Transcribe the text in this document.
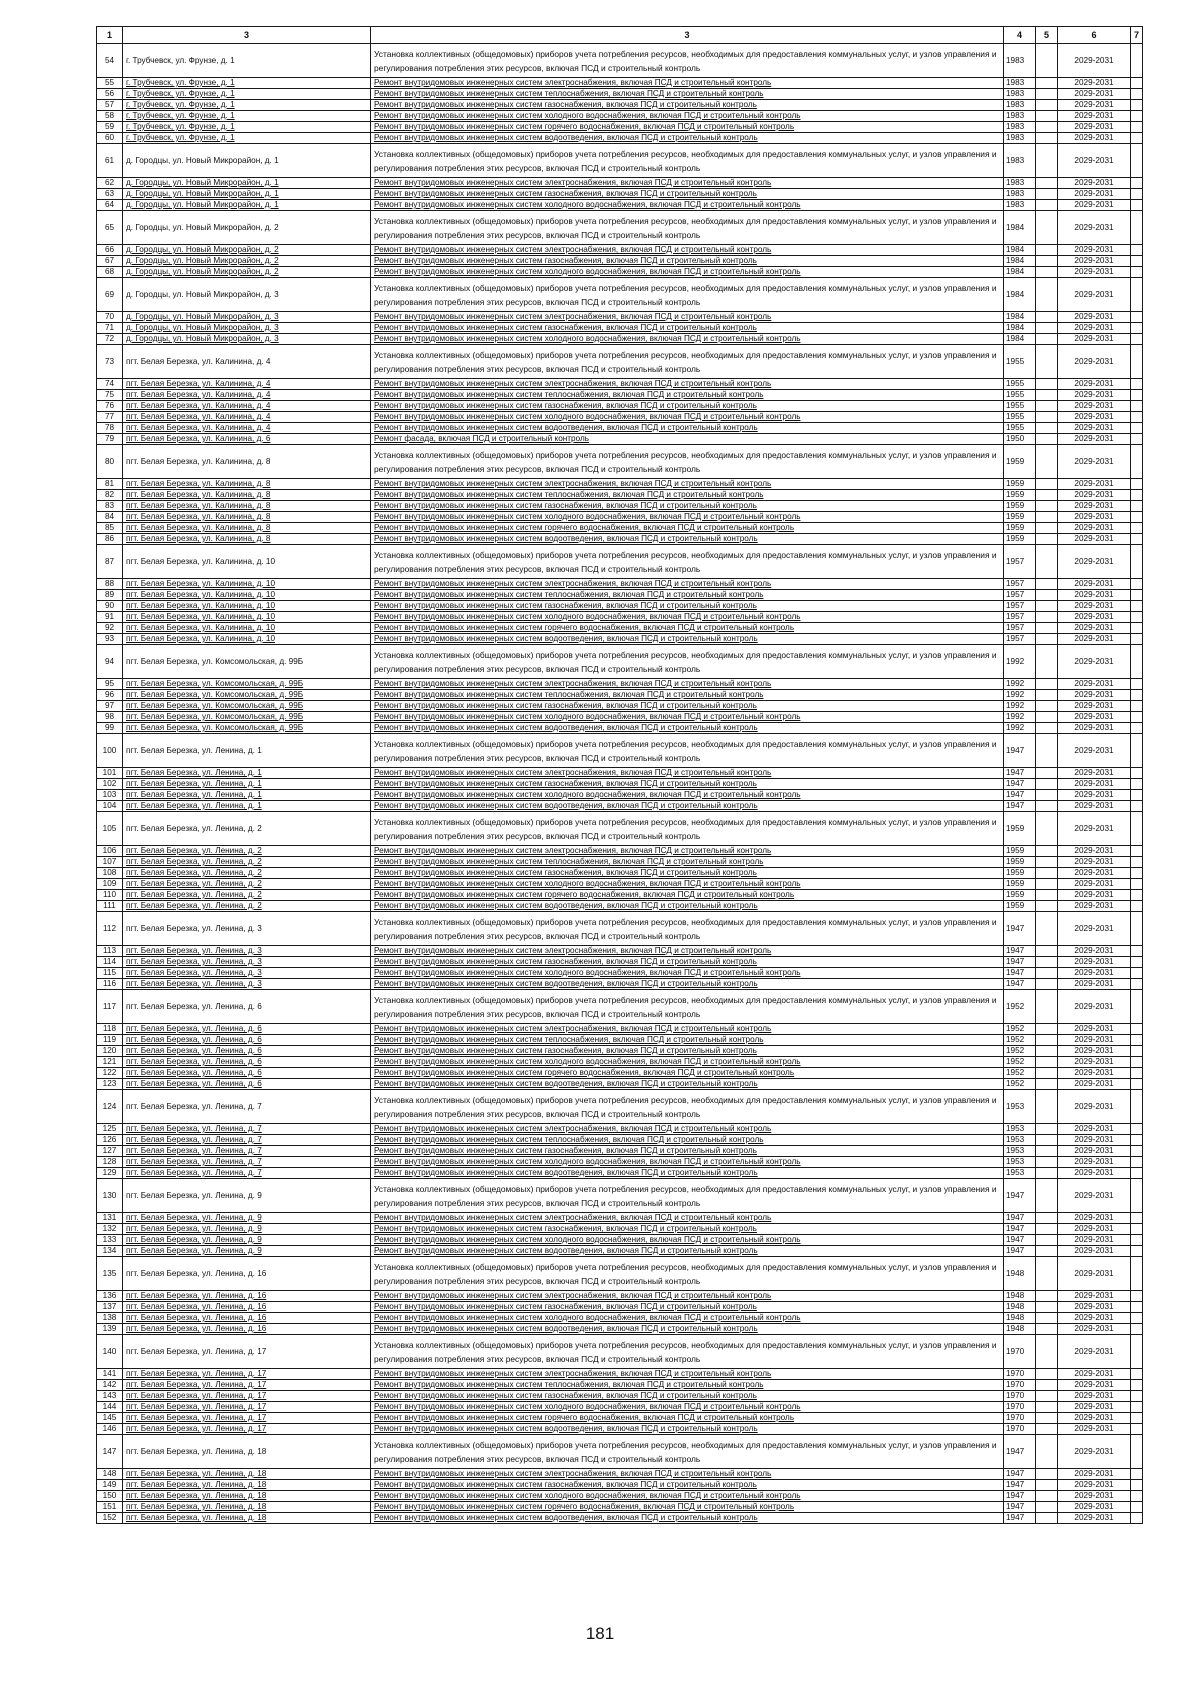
1	3	3	4	5	6	7
54	г. Трубчевск, ул. Фрунзе, д. 1	Установка коллективных (общедомовых) приборов учета потребления ресурсов, необходимых для предоставления коммунальных услуг, и узлов управления и регулирования потребления этих ресурсов, включая ПСД и строительный контроль	1983		2029-2031	
55	г. Трубчевск, ул. Фрунзе, д. 1	Ремонт внутридомовых инженерных систем электроснабжения, включая ПСД и строительный контроль	1983		2029-2031	
56	г. Трубчевск, ул. Фрунзе, д. 1	Ремонт внутридомовых инженерных систем теплоснабжения, включая ПСД и строительный контроль	1983		2029-2031	
57	г. Трубчевск, ул. Фрунзе, д. 1	Ремонт внутридомовых инженерных систем газоснабжения, включая ПСД и строительный контроль	1983		2029-2031	
58	г. Трубчевск, ул. Фрунзе, д. 1	Ремонт внутридомовых инженерных систем холодного водоснабжения, включая ПСД и строительный контроль	1983		2029-2031	
59	г. Трубчевск, ул. Фрунзе, д. 1	Ремонт внутридомовых инженерных систем горячего водоснабжения, включая ПСД и строительный контроль	1983		2029-2031	
60	г. Трубчевск, ул. Фрунзе, д. 1	Ремонт внутридомовых инженерных систем водоотведения, включая ПСД и строительный контроль	1983		2029-2031	
61	д. Городцы, ул. Новый Микрорайон, д. 1	Установка коллективных (общедомовых) приборов учета потребления ресурсов, необходимых для предоставления коммунальных услуг, и узлов управления и регулирования потребления этих ресурсов, включая ПСД и строительный контроль	1983		2029-2031	
62	д. Городцы, ул. Новый Микрорайон, д. 1	Ремонт внутридомовых инженерных систем электроснабжения, включая ПСД и строительный контроль	1983		2029-2031	
63	д. Городцы, ул. Новый Микрорайон, д. 1	Ремонт внутридомовых инженерных систем газоснабжения, включая ПСД и строительный контроль	1983		2029-2031	
64	д. Городцы, ул. Новый Микрорайон, д. 1	Ремонт внутридомовых инженерных систем холодного водоснабжения, включая ПСД и строительный контроль	1983		2029-2031	
65	д. Городцы, ул. Новый Микрорайон, д. 2	Установка коллективных (общедомовых) приборов учета потребления ресурсов, необходимых для предоставления коммунальных услуг, и узлов управления и регулирования потребления этих ресурсов, включая ПСД и строительный контроль	1984		2029-2031	
66	д. Городцы, ул. Новый Микрорайон, д. 2	Ремонт внутридомовых инженерных систем электроснабжения, включая ПСД и строительный контроль	1984		2029-2031	
67	д. Городцы, ул. Новый Микрорайон, д. 2	Ремонт внутридомовых инженерных систем газоснабжения, включая ПСД и строительный контроль	1984		2029-2031	
68	д. Городцы, ул. Новый Микрорайон, д. 2	Ремонт внутридомовых инженерных систем холодного водоснабжения, включая ПСД и строительный контроль	1984		2029-2031	
69	д. Городцы, ул. Новый Микрорайон, д. 3	Установка коллективных (общедомовых) приборов учета потребления ресурсов, необходимых для предоставления коммунальных услуг, и узлов управления и регулирования потребления этих ресурсов, включая ПСД и строительный контроль	1984		2029-2031	
70	д. Городцы, ул. Новый Микрорайон, д. 3	Ремонт внутридомовых инженерных систем электроснабжения, включая ПСД и строительный контроль	1984		2029-2031	
71	д. Городцы, ул. Новый Микрорайон, д. 3	Ремонт внутридомовых инженерных систем газоснабжения, включая ПСД и строительный контроль	1984		2029-2031	
72	д. Городцы, ул. Новый Микрорайон, д. 3	Ремонт внутридомовых инженерных систем холодного водоснабжения, включая ПСД и строительный контроль	1984		2029-2031	
73	пгт. Белая Березка, ул. Калинина, д. 4	Установка коллективных (общедомовых) приборов учета потребления ресурсов, необходимых для предоставления коммунальных услуг, и узлов управления и регулирования потребления этих ресурсов, включая ПСД и строительный контроль	1955		2029-2031	
74	пгт. Белая Березка, ул. Калинина, д. 4	Ремонт внутридомовых инженерных систем электроснабжения, включая ПСД и строительный контроль	1955		2029-2031	
75	пгт. Белая Березка, ул. Калинина, д. 4	Ремонт внутридомовых инженерных систем теплоснабжения, включая ПСД и строительный контроль	1955		2029-2031	
76	пгт. Белая Березка, ул. Калинина, д. 4	Ремонт внутридомовых инженерных систем газоснабжения, включая ПСД и строительный контроль	1955		2029-2031	
77	пгт. Белая Березка, ул. Калинина, д. 4	Ремонт внутридомовых инженерных систем холодного водоснабжения, включая ПСД и строительный контроль	1955		2029-2031	
78	пгт. Белая Березка, ул. Калинина, д. 4	Ремонт внутридомовых инженерных систем водоотведения, включая ПСД и строительный контроль	1955		2029-2031	
79	пгт. Белая Березка, ул. Калинина, д. 6	Ремонт фасада, включая ПСД и строительный контроль	1950		2029-2031	
80	пгт. Белая Березка, ул. Калинина, д. 8	Установка коллективных (общедомовых) приборов учета потребления ресурсов, необходимых для предоставления коммунальных услуг, и узлов управления и регулирования потребления этих ресурсов, включая ПСД и строительный контроль	1959		2029-2031	
81	пгт. Белая Березка, ул. Калинина, д. 8	Ремонт внутридомовых инженерных систем электроснабжения, включая ПСД и строительный контроль	1959		2029-2031	
82	пгт. Белая Березка, ул. Калинина, д. 8	Ремонт внутридомовых инженерных систем теплоснабжения, включая ПСД и строительный контроль	1959		2029-2031	
83	пгт. Белая Березка, ул. Калинина, д. 8	Ремонт внутридомовых инженерных систем газоснабжения, включая ПСД и строительный контроль	1959		2029-2031	
84	пгт. Белая Березка, ул. Калинина, д. 8	Ремонт внутридомовых инженерных систем холодного водоснабжения, включая ПСД и строительный контроль	1959		2029-2031	
85	пгт. Белая Березка, ул. Калинина, д. 8	Ремонт внутридомовых инженерных систем горячего водоснабжения, включая ПСД и строительный контроль	1959		2029-2031	
86	пгт. Белая Березка, ул. Калинина, д. 8	Ремонт внутридомовых инженерных систем водоотведения, включая ПСД и строительный контроль	1959		2029-2031	
87	пгт. Белая Березка, ул. Калинина, д. 10	Установка коллективных (общедомовых) приборов учета потребления ресурсов, необходимых для предоставления коммунальных услуг, и узлов управления и регулирования потребления этих ресурсов, включая ПСД и строительный контроль	1957		2029-2031	
88	пгт. Белая Березка, ул. Калинина, д. 10	Ремонт внутридомовых инженерных систем электроснабжения, включая ПСД и строительный контроль	1957		2029-2031	
89	пгт. Белая Березка, ул. Калинина, д. 10	Ремонт внутридомовых инженерных систем теплоснабжения, включая ПСД и строительный контроль	1957		2029-2031	
90	пгт. Белая Березка, ул. Калинина, д. 10	Ремонт внутридомовых инженерных систем газоснабжения, включая ПСД и строительный контроль	1957		2029-2031	
91	пгт. Белая Березка, ул. Калинина, д. 10	Ремонт внутридомовых инженерных систем холодного водоснабжения, включая ПСД и строительный контроль	1957		2029-2031	
92	пгт. Белая Березка, ул. Калинина, д. 10	Ремонт внутридомовых инженерных систем горячего водоснабжения, включая ПСД и строительный контроль	1957		2029-2031	
93	пгт. Белая Березка, ул. Калинина, д. 10	Ремонт внутридомовых инженерных систем водоотведения, включая ПСД и строительный контроль	1957		2029-2031	
94	пгт. Белая Березка, ул. Комсомольская, д. 99Б	Установка коллективных (общедомовых) приборов учета потребления ресурсов, необходимых для предоставления коммунальных услуг, и узлов управления и регулирования потребления этих ресурсов, включая ПСД и строительный контроль	1992		2029-2031	
95	пгт. Белая Березка, ул. Комсомольская, д. 99Б	Ремонт внутридомовых инженерных систем электроснабжения, включая ПСД и строительный контроль	1992		2029-2031	
96	пгт. Белая Березка, ул. Комсомольская, д. 99Б	Ремонт внутридомовых инженерных систем теплоснабжения, включая ПСД и строительный контроль	1992		2029-2031	
97	пгт. Белая Березка, ул. Комсомольская, д. 99Б	Ремонт внутридомовых инженерных систем газоснабжения, включая ПСД и строительный контроль	1992		2029-2031	
98	пгт. Белая Березка, ул. Комсомольская, д. 99Б	Ремонт внутридомовых инженерных систем холодного водоснабжения, включая ПСД и строительный контроль	1992		2029-2031	
99	пгт. Белая Березка, ул. Комсомольская, д. 99Б	Ремонт внутридомовых инженерных систем водоотведения, включая ПСД и строительный контроль	1992		2029-2031	
100	пгт. Белая Березка, ул. Ленина, д. 1	Установка коллективных (общедомовых) приборов учета потребления ресурсов, необходимых для предоставления коммунальных услуг, и узлов управления и регулирования потребления этих ресурсов, включая ПСД и строительный контроль	1947		2029-2031	
101	пгт. Белая Березка, ул. Ленина, д. 1	Ремонт внутридомовых инженерных систем электроснабжения, включая ПСД и строительный контроль	1947		2029-2031	
102	пгт. Белая Березка, ул. Ленина, д. 1	Ремонт внутридомовых инженерных систем газоснабжения, включая ПСД и строительный контроль	1947		2029-2031	
103	пгт. Белая Березка, ул. Ленина, д. 1	Ремонт внутридомовых инженерных систем холодного водоснабжения, включая ПСД и строительный контроль	1947		2029-2031	
104	пгт. Белая Березка, ул. Ленина, д. 1	Ремонт внутридомовых инженерных систем водоотведения, включая ПСД и строительный контроль	1947		2029-2031	
105	пгт. Белая Березка, ул. Ленина, д. 2	Установка коллективных (общедомовых) приборов учета потребления ресурсов, необходимых для предоставления коммунальных услуг, и узлов управления и регулирования потребления этих ресурсов, включая ПСД и строительный контроль	1959		2029-2031	
106	пгт. Белая Березка, ул. Ленина, д. 2	Ремонт внутридомовых инженерных систем электроснабжения, включая ПСД и строительный контроль	1959		2029-2031	
107	пгт. Белая Березка, ул. Ленина, д. 2	Ремонт внутридомовых инженерных систем теплоснабжения, включая ПСД и строительный контроль	1959		2029-2031	
108	пгт. Белая Березка, ул. Ленина, д. 2	Ремонт внутридомовых инженерных систем газоснабжения, включая ПСД и строительный контроль	1959		2029-2031	
109	пгт. Белая Березка, ул. Ленина, д. 2	Ремонт внутридомовых инженерных систем холодного водоснабжения, включая ПСД и строительный контроль	1959		2029-2031	
110	пгт. Белая Березка, ул. Ленина, д. 2	Ремонт внутридомовых инженерных систем горячего водоснабжения, включая ПСД и строительный контроль	1959		2029-2031	
111	пгт. Белая Березка, ул. Ленина, д. 2	Ремонт внутридомовых инженерных систем водоотведения, включая ПСД и строительный контроль	1959		2029-2031	
112	пгт. Белая Березка, ул. Ленина, д. 3	Установка коллективных (общедомовых) приборов учета потребления ресурсов, необходимых для предоставления коммунальных услуг, и узлов управления и регулирования потребления этих ресурсов, включая ПСД и строительный контроль	1947		2029-2031	
113	пгт. Белая Березка, ул. Ленина, д. 3	Ремонт внутридомовых инженерных систем электроснабжения, включая ПСД и строительный контроль	1947		2029-2031	
114	пгт. Белая Березка, ул. Ленина, д. 3	Ремонт внутридомовых инженерных систем газоснабжения, включая ПСД и строительный контроль	1947		2029-2031	
115	пгт. Белая Березка, ул. Ленина, д. 3	Ремонт внутридомовых инженерных систем холодного водоснабжения, включая ПСД и строительный контроль	1947		2029-2031	
116	пгт. Белая Березка, ул. Ленина, д. 3	Ремонт внутридомовых инженерных систем водоотведения, включая ПСД и строительный контроль	1947		2029-2031	
117	пгт. Белая Березка, ул. Ленина, д. 6	Установка коллективных (общедомовых) приборов учета потребления ресурсов, необходимых для предоставления коммунальных услуг, и узлов управления и регулирования потребления этих ресурсов, включая ПСД и строительный контроль	1952		2029-2031	
118	пгт. Белая Березка, ул. Ленина, д. 6	Ремонт внутридомовых инженерных систем электроснабжения, включая ПСД и строительный контроль	1952		2029-2031	
119	пгт. Белая Березка, ул. Ленина, д. 6	Ремонт внутридомовых инженерных систем теплоснабжения, включая ПСД и строительный контроль	1952		2029-2031	
120	пгт. Белая Березка, ул. Ленина, д. 6	Ремонт внутридомовых инженерных систем газоснабжения, включая ПСД и строительный контроль	1952		2029-2031	
121	пгт. Белая Березка, ул. Ленина, д. 6	Ремонт внутридомовых инженерных систем холодного водоснабжения, включая ПСД и строительный контроль	1952		2029-2031	
122	пгт. Белая Березка, ул. Ленина, д. 6	Ремонт внутридомовых инженерных систем горячего водоснабжения, включая ПСД и строительный контроль	1952		2029-2031	
123	пгт. Белая Березка, ул. Ленина, д. 6	Ремонт внутридомовых инженерных систем водоотведения, включая ПСД и строительный контроль	1952		2029-2031	
124	пгт. Белая Березка, ул. Ленина, д. 7	Установка коллективных (общедомовых) приборов учета потребления ресурсов, необходимых для предоставления коммунальных услуг, и узлов управления и регулирования потребления этих ресурсов, включая ПСД и строительный контроль	1953		2029-2031	
125	пгт. Белая Березка, ул. Ленина, д. 7	Ремонт внутридомовых инженерных систем электроснабжения, включая ПСД и строительный контроль	1953		2029-2031	
126	пгт. Белая Березка, ул. Ленина, д. 7	Ремонт внутридомовых инженерных систем теплоснабжения, включая ПСД и строительный контроль	1953		2029-2031	
127	пгт. Белая Березка, ул. Ленина, д. 7	Ремонт внутридомовых инженерных систем газоснабжения, включая ПСД и строительный контроль	1953		2029-2031	
128	пгт. Белая Березка, ул. Ленина, д. 7	Ремонт внутридомовых инженерных систем холодного водоснабжения, включая ПСД и строительный контроль	1953		2029-2031	
129	пгт. Белая Березка, ул. Ленина, д. 7	Ремонт внутридомовых инженерных систем водоотведения, включая ПСД и строительный контроль	1953		2029-2031	
130	пгт. Белая Березка, ул. Ленина, д. 9	Установка коллективных (общедомовых) приборов учета потребления ресурсов, необходимых для предоставления коммунальных услуг, и узлов управления и регулирования потребления этих ресурсов, включая ПСД и строительный контроль	1947		2029-2031	
131	пгт. Белая Березка, ул. Ленина, д. 9	Ремонт внутридомовых инженерных систем электроснабжения, включая ПСД и строительный контроль	1947		2029-2031	
132	пгт. Белая Березка, ул. Ленина, д. 9	Ремонт внутридомовых инженерных систем газоснабжения, включая ПСД и строительный контроль	1947		2029-2031	
133	пгт. Белая Березка, ул. Ленина, д. 9	Ремонт внутридомовых инженерных систем холодного водоснабжения, включая ПСД и строительный контроль	1947		2029-2031	
134	пгт. Белая Березка, ул. Ленина, д. 9	Ремонт внутридомовых инженерных систем водоотведения, включая ПСД и строительный контроль	1947		2029-2031	
135	пгт. Белая Березка, ул. Ленина, д. 16	Установка коллективных (общедомовых) приборов учета потребления ресурсов, необходимых для предоставления коммунальных услуг, и узлов управления и регулирования потребления этих ресурсов, включая ПСД и строительный контроль	1948		2029-2031	
136	пгт. Белая Березка, ул. Ленина, д. 16	Ремонт внутридомовых инженерных систем электроснабжения, включая ПСД и строительный контроль	1948		2029-2031	
137	пгт. Белая Березка, ул. Ленина, д. 16	Ремонт внутридомовых инженерных систем газоснабжения, включая ПСД и строительный контроль	1948		2029-2031	
138	пгт. Белая Березка, ул. Ленина, д. 16	Ремонт внутридомовых инженерных систем холодного водоснабжения, включая ПСД и строительный контроль	1948		2029-2031	
139	пгт. Белая Березка, ул. Ленина, д. 16	Ремонт внутридомовых инженерных систем водоотведения, включая ПСД и строительный контроль	1948		2029-2031	
140	пгт. Белая Березка, ул. Ленина, д. 17	Установка коллективных (общедомовых) приборов учета потребления ресурсов, необходимых для предоставления коммунальных услуг, и узлов управления и регулирования потребления этих ресурсов, включая ПСД и строительный контроль	1970		2029-2031	
141	пгт. Белая Березка, ул. Ленина, д. 17	Ремонт внутридомовых инженерных систем электроснабжения, включая ПСД и строительный контроль	1970		2029-2031	
142	пгт. Белая Березка, ул. Ленина, д. 17	Ремонт внутридомовых инженерных систем теплоснабжения, включая ПСД и строительный контроль	1970		2029-2031	
143	пгт. Белая Березка, ул. Ленина, д. 17	Ремонт внутридомовых инженерных систем газоснабжения, включая ПСД и строительный контроль	1970		2029-2031	
144	пгт. Белая Березка, ул. Ленина, д. 17	Ремонт внутридомовых инженерных систем холодного водоснабжения, включая ПСД и строительный контроль	1970		2029-2031	
145	пгт. Белая Березка, ул. Ленина, д. 17	Ремонт внутридомовых инженерных систем горячего водоснабжения, включая ПСД и строительный контроль	1970		2029-2031	
146	пгт. Белая Березка, ул. Ленина, д. 17	Ремонт внутридомовых инженерных систем водоотведения, включая ПСД и строительный контроль	1970		2029-2031	
147	пгт. Белая Березка, ул. Ленина, д. 18	Установка коллективных (общедомовых) приборов учета потребления ресурсов, необходимых для предоставления коммунальных услуг, и узлов управления и регулирования потребления этих ресурсов, включая ПСД и строительный контроль	1947		2029-2031	
148	пгт. Белая Березка, ул. Ленина, д. 18	Ремонт внутридомовых инженерных систем электроснабжения, включая ПСД и строительный контроль	1947		2029-2031	
149	пгт. Белая Березка, ул. Ленина, д. 18	Ремонт внутридомовых инженерных систем газоснабжения, включая ПСД и строительный контроль	1947		2029-2031	
150	пгт. Белая Березка, ул. Ленина, д. 18	Ремонт внутридомовых инженерных систем холодного водоснабжения, включая ПСД и строительный контроль	1947		2029-2031	
151	пгт. Белая Березка, ул. Ленина, д. 18	Ремонт внутридомовых инженерных систем горячего водоснабжения, включая ПСД и строительный контроль	1947		2029-2031	
152	пгт. Белая Березка, ул. Ленина, д. 18	Ремонт внутридомовых инженерных систем водоотведения, включая ПСД и строительный контроль	1947		2029-2031	
181
